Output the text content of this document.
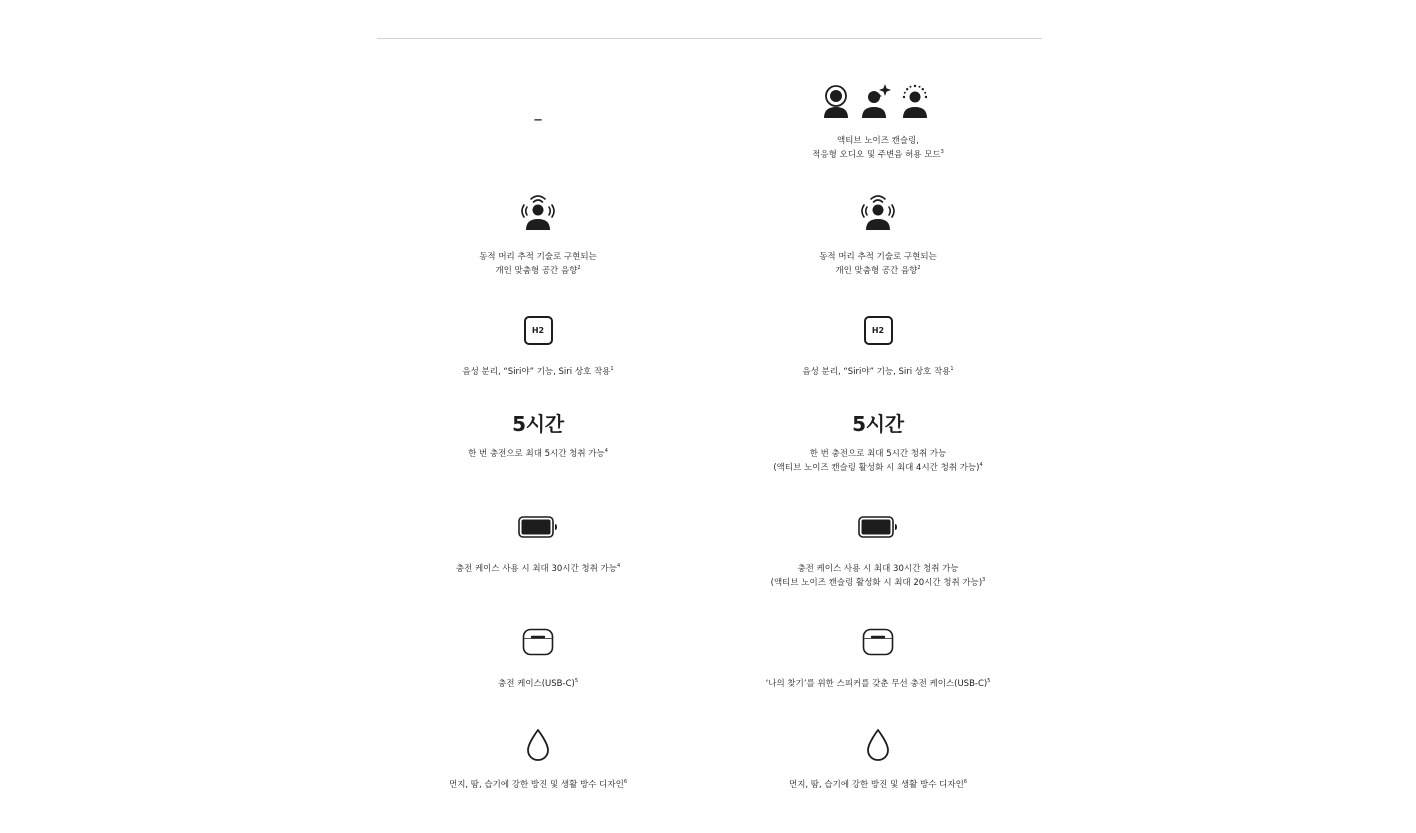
–
동적 머리 추적 기술로 구현되는
개인 맞춤형 공간 음향$^2$
H2
음성 분리, “Siri야” 기능, Siri 상호 작용$^1$
5시간
한 번 충전으로 최대 5시간 청취 가능$^4$
충전 케이스 사용 시 최대 30시간 청취 가능$^4$
충전 케이스$(USB-C)^5$
먼지, 땀, 습기에 강한 방진 및 생활 방수 디자인$^6$
액티브 노이즈 캔슬링,
적응형 오디오 및 주변음 허용 모드$^3$
동적 머리 추적 기술로 구현되는
개인 맞춤형 공간 음향$^2$
H2
음성 분리, “Siri야” 기능, Siri 상호 작용$^1$
5시간
한 번 충전으로 최대 5시간 청취 가능
(액티브 노이즈 캔슬링 활성화 시 최대 4시간 청취 가능)$^4$
충전 케이스 사용 시 최대 30시간 청취 가능
(액티브 노이즈 캔슬링 활성화 시 최대 20시간 청취 가능)$^3$
‘나의 찾기’를 위한 스피커를 갖춘 무선 충전 케이스$(USB-C)^5$
먼지, 땀, 습기에 강한 방진 및 생활 방수 디자인$^6$
